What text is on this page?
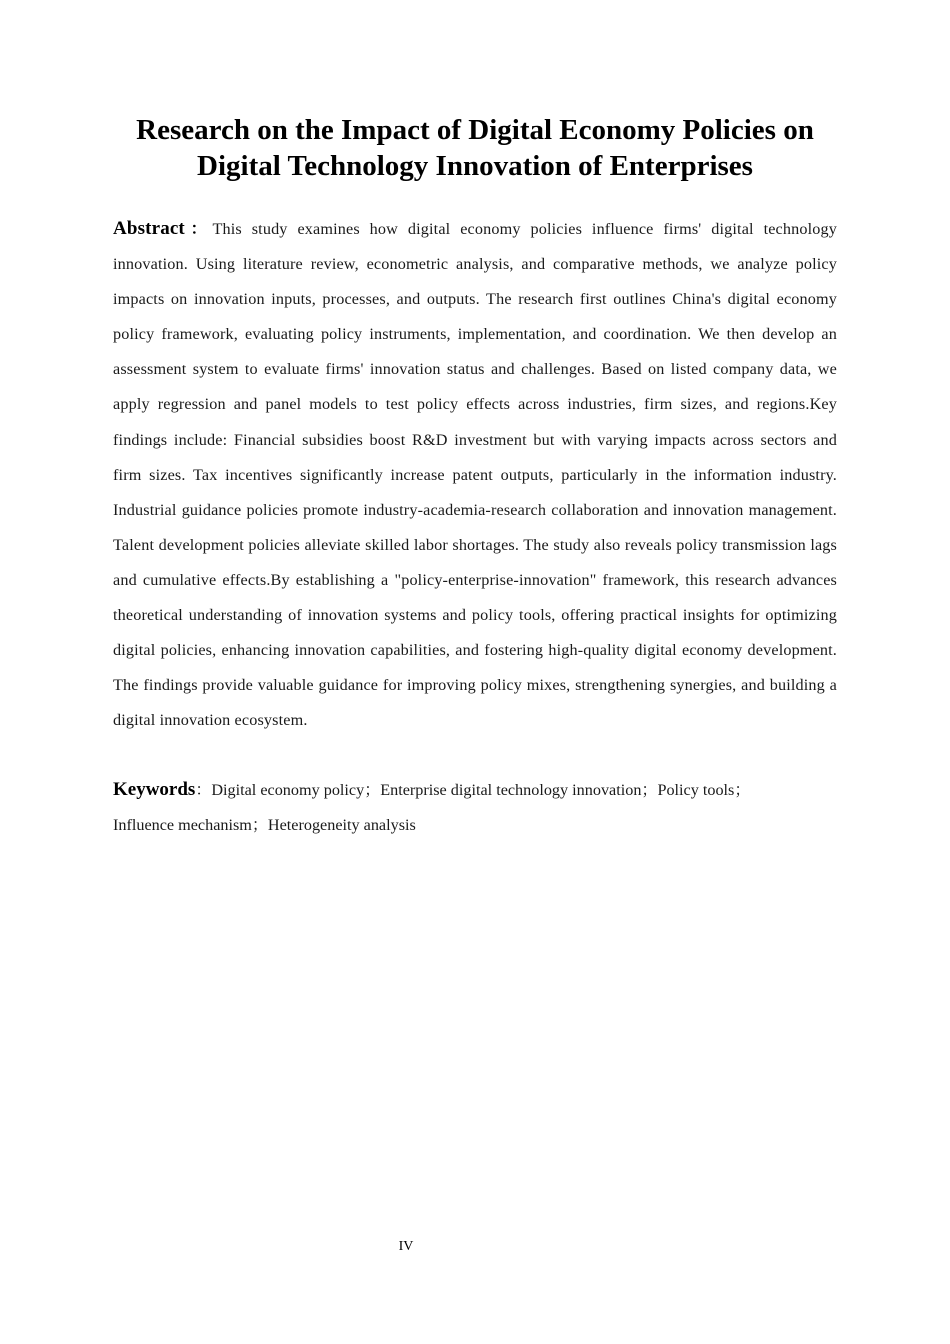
Research on the Impact of Digital Economy Policies on
Digital Technology Innovation of Enterprises

Abstract：This study examines how digital economy policies influence firms' digital technology innovation. Using literature review, econometric analysis, and comparative methods, we analyze policy impacts on innovation inputs, processes, and outputs. The research first outlines China's digital economy policy framework, evaluating policy instruments, implementation, and coordination. We then develop an assessment system to evaluate firms' innovation status and challenges. Based on listed company data, we apply regression and panel models to test policy effects across industries, firm sizes, and regions.Key findings include: Financial subsidies boost R&D investment but with varying impacts across sectors and firm sizes. Tax incentives significantly increase patent outputs, particularly in the information industry. Industrial guidance policies promote industry-academia-research collaboration and innovation management. Talent development policies alleviate skilled labor shortages. The study also reveals policy transmission lags and cumulative effects.By establishing a "policy-enterprise-innovation" framework, this research advances theoretical understanding of innovation systems and policy tools, offering practical insights for optimizing digital policies, enhancing innovation capabilities, and fostering high-quality digital economy development. The findings provide valuable guidance for improving policy mixes, strengthening synergies, and building a digital innovation ecosystem.

Keywords：Digital economy policy；Enterprise digital technology innovation；Policy tools；
Influence mechanism；Heterogeneity analysis

IV
